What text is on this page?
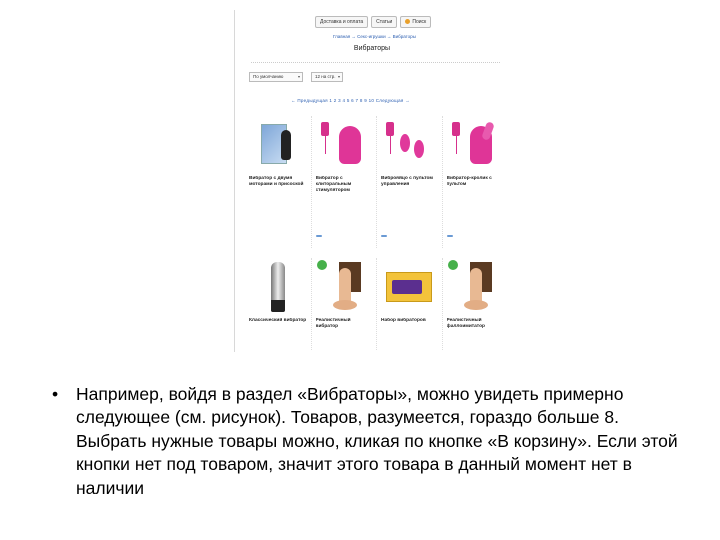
Доставка и оплата	Статьи	Поиск
Главная → Секс-игрушки → Вибраторы
Вибраторы
По умолчанию	▾	12 на стр. ▾
← Предыдущая 1 2 3 4 5 6 7 8 9 10 Следующая →
Вибратор с двумя моторами и присоской
Вибратор с клиторальным стимулятором
Виброяйцо с пультом управления
Вибратор-кролик с пультом
Классический вибратор Реалистичный вибратор
Набор вибраторов	Реалистичный фаллоимитатор
• Например, войдя в раздел «Вибраторы», можно увидеть примерно следующее (см. рисунок). Товаров, разумеется, гораздо больше 8. Выбрать нужные товары можно, кликая по кнопке «В корзину». Если этой кнопки нет под товаром, значит этого товара в данный момент нет в наличии
